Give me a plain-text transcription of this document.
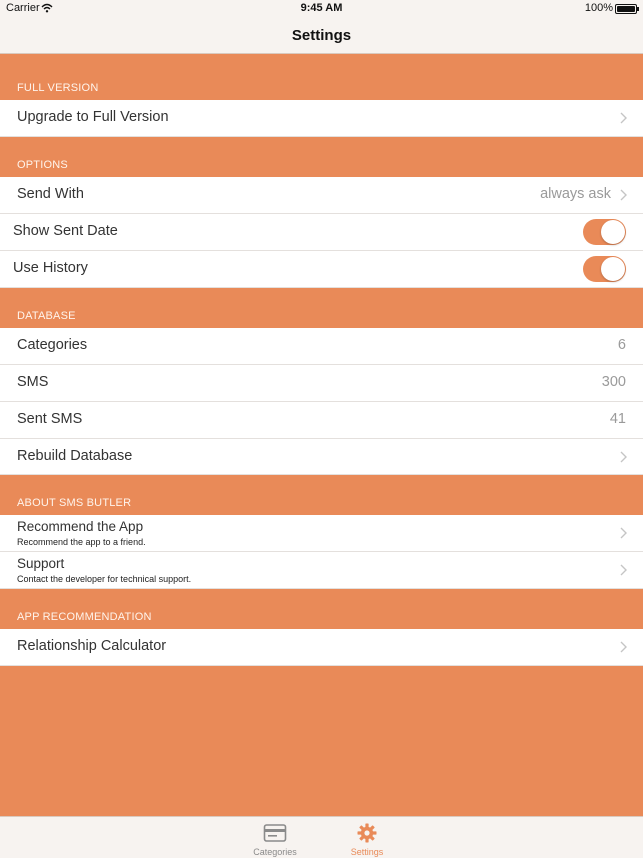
Carrier	9:45 AM	100%
Settings
FULL VERSION
Upgrade to Full Version
OPTIONS
Send With	always ask
Show Sent Date
Use History
DATABASE
Categories	6
SMS	300
Sent SMS	41
Rebuild Database
ABOUT SMS BUTLER
Recommend the App
Recommend the app to a friend.
Support
Contact the developer for technical support.
APP RECOMMENDATION
Relationship Calculator
Categories	Settings
